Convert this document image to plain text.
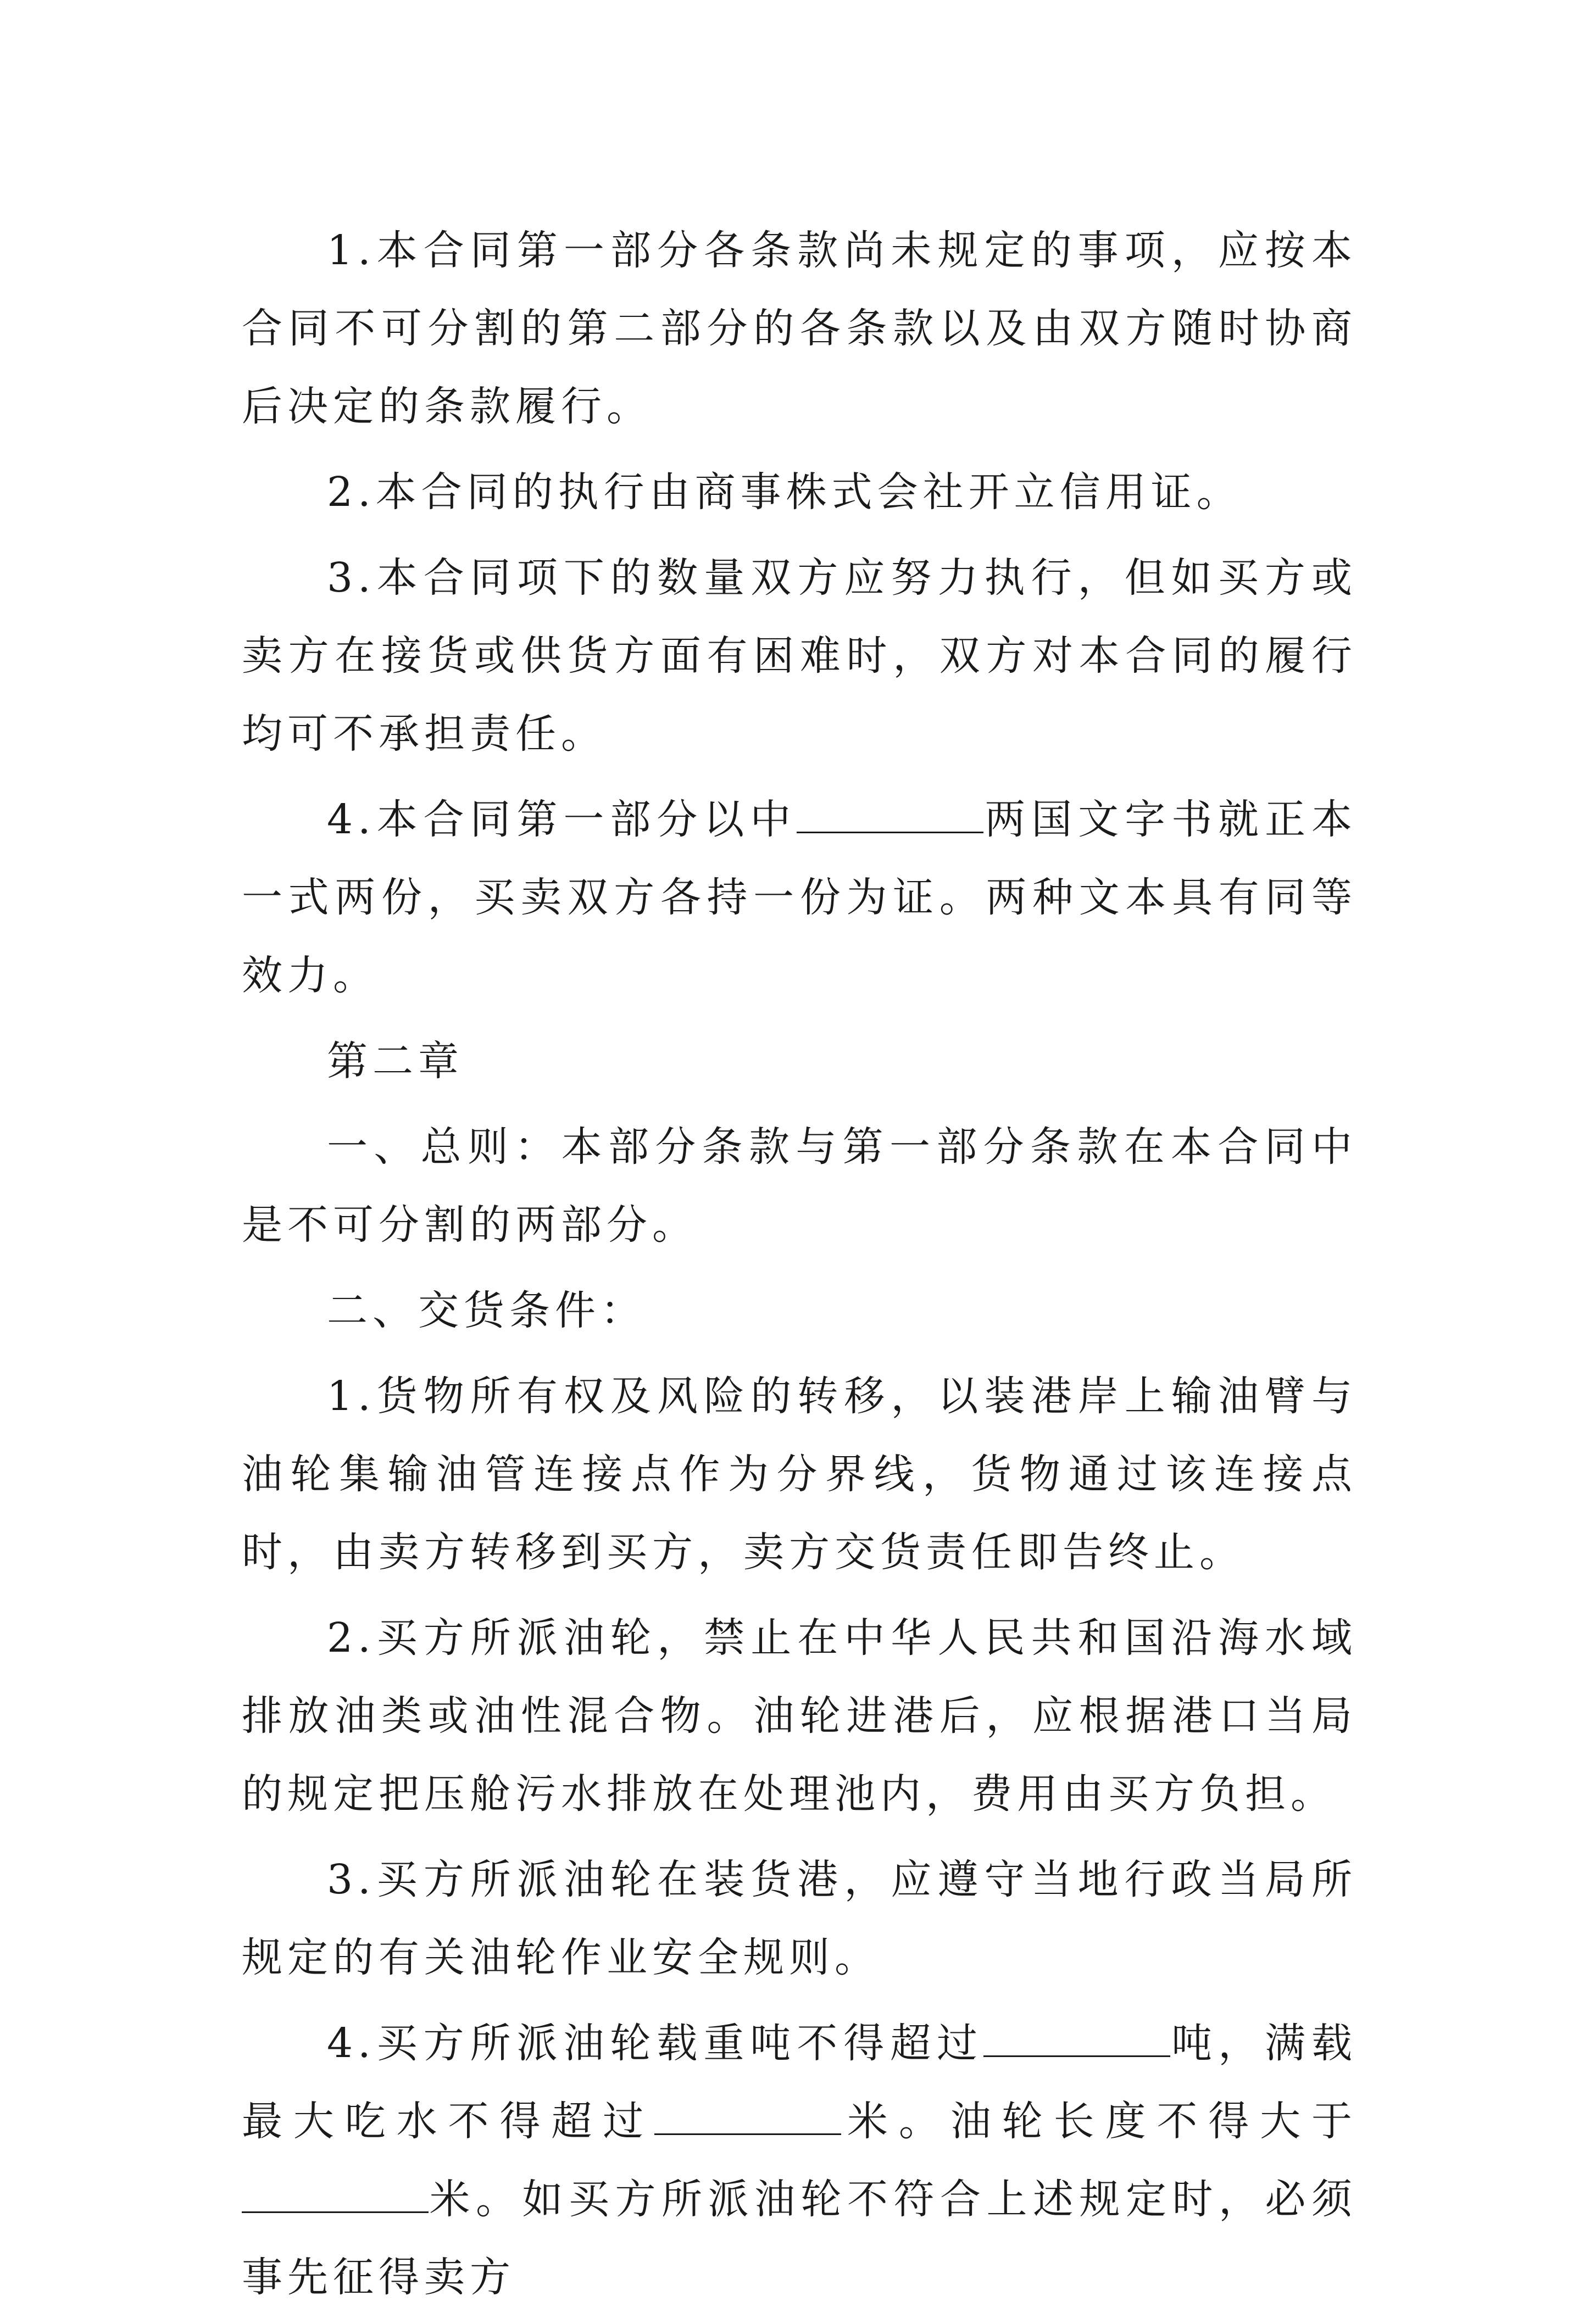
1.本合同第一部分各条款尚未规定的事项，应按本合同不可分割的第二部分的各条款以及由双方随时协商后决定的条款履行。

2.本合同的执行由商事株式会社开立信用证。

3.本合同项下的数量双方应努力执行，但如买方或卖方在接货或供货方面有困难时，双方对本合同的履行均可不承担责任。

4.本合同第一部分以中	两国文字书就正本一式两份，买卖双方各持一份为证。两种文本具有同等效力。

第二章

一、总则：本部分条款与第一部分条款在本合同中是不可分割的两部分。

二、交货条件：

1.货物所有权及风险的转移，以装港岸上输油臂与油轮集输油管连接点作为分界线，货物通过该连接点时，由卖方转移到买方，卖方交货责任即告终止。

2.买方所派油轮，禁止在中华人民共和国沿海水域排放油类或油性混合物。油轮进港后，应根据港口当局的规定把压舱污水排放在处理池内，费用由买方负担。

3.买方所派油轮在装货港，应遵守当地行政当局所规定的有关油轮作业安全规则。

4.买方所派油轮载重吨不得超过	吨，满载最大吃水不得超过	米。油轮长度不得大于米。如买方所派油轮不符合上述规定时，必须事先征得卖方
